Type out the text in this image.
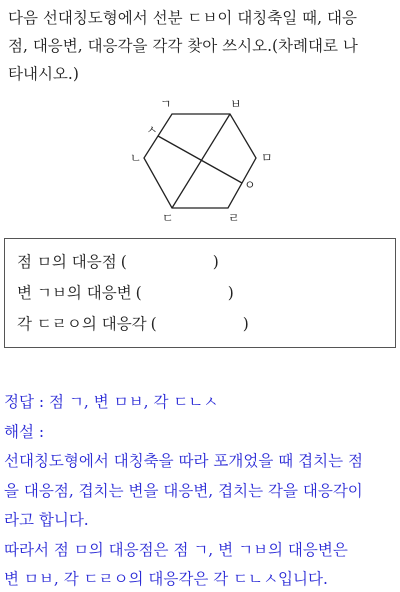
다음 선대칭도형에서 선분 ㄷㅂ이 대칭축일 때, 대응
점, 대응변, 대응각을 각각 찾아 쓰시오.(차례대로 나
타내시오.)
ㄱ	ㅂ
ㅅ
ㄴ	ㅁ
ㅇ
ㄷ	ㄹ
점 ㅁ의 대응점 (	)
변 ㄱㅂ의 대응변 (	)
각 ㄷㄹㅇ의 대응각 (	)
정답 : 점 ㄱ, 변 ㅁㅂ, 각 ㄷㄴㅅ
해설 :
선대칭도형에서 대칭축을 따라 포개었을 때 겹치는 점
을 대응점, 겹치는 변을 대응변, 겹치는 각을 대응각이
라고 합니다.
따라서 점 ㅁ의 대응점은 점 ㄱ, 변 ㄱㅂ의 대응변은
변 ㅁㅂ, 각 ㄷㄹㅇ의 대응각은 각 ㄷㄴㅅ입니다.
